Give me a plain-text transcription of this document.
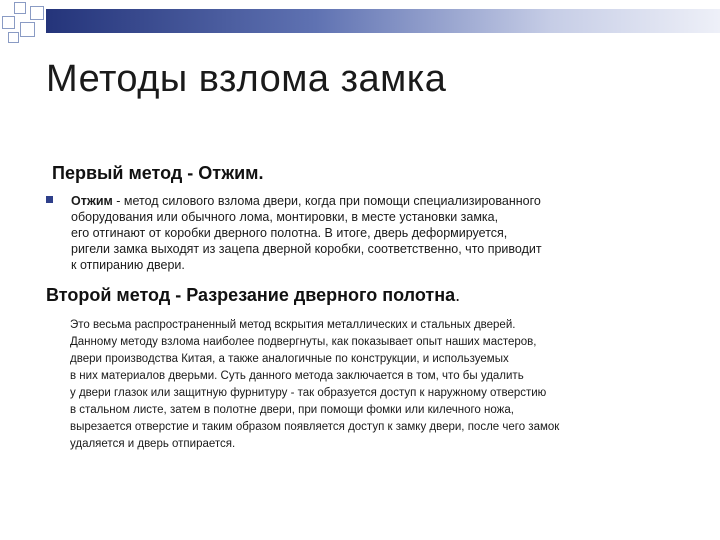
Методы взлома замка
Первый метод - Отжим.
Отжим - метод силового взлома двери, когда при помощи специализированного
оборудования или обычного лома, монтировки, в месте установки замка,
его отгинают от коробки дверного полотна. В итоге, дверь деформируется,
ригели замка выходят из зацепа дверной коробки, соответственно, что приводит
к отпиранию двери.
Второй метод - Разрезание дверного полотна.
Это весьма распространенный метод вскрытия металлических и стальных дверей.
Данному методу взлома наиболее подвергнуты, как показывает опыт наших мастеров,
двери производства Китая, а также аналогичные по конструкции, и используемых
в них материалов дверьми. Суть данного метода заключается в том, что бы удалить
у двери глазок или защитную фурнитуру - так образуется доступ к наружному отверстию
в стальном листе, затем в полотне двери, при помощи фомки или килечного ножа,
вырезается отверстие и таким образом появляется доступ к замку двери, после чего замок
удаляется и дверь отпирается.
